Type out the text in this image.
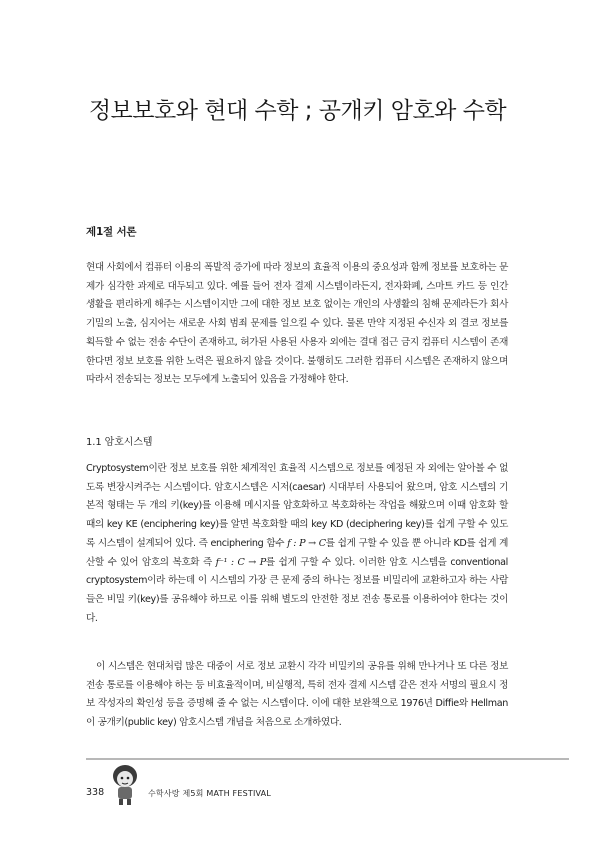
정보보호와 현대 수학 ; 공개키 암호와 수학
제1절 서론

현대 사회에서 컴퓨터 이용의 폭발적 증가에 따라 정보의 효율적 이용의 중요성과 함께 정보를 보호하는 문제가 심각한 과제로 대두되고 있다. 예를 들어 전자 결제 시스템이라든지, 전자화폐, 스마트 카드 등 인간 생활을 편리하게 해주는 시스템이지만 그에 대한 정보 보호 없이는 개인의 사생활의 침해 문제라든가 회사기밀의 노출, 심지어는 새로운 사회 범죄 문제를 일으킬 수 있다. 물론 만약 지정된 수신자 외 결코 정보를 획득할 수 없는 전송 수단이 존재하고, 허가된 사용된 사용자 외에는 결대 접근 금지 컴퓨터 시스템이 존재한다면 정보 보호를 위한 노력은 필요하지 않을 것이다. 불행히도 그러한 컴퓨터 시스템은 존재하지 않으며 따라서 전송되는 정보는 모두에게 노출되어 있음을 가정해야 한다.

1.1 암호시스템

Cryptosystem이란 정보 보호를 위한 체계적인 효율적 시스템으로 정보를 예정된 자 외에는 알아볼 수 없도록 변장시켜주는 시스템이다. 암호시스템은 시저(caesar) 시대부터 사용되어 왔으며, 암호 시스템의 기본적 형태는 두 개의 키(key)를 이용해 메시지를 암호화하고 복호화하는 작업을 해왔으며 이때 암호화 할 때의 key KE (enciphering key)를 알면 복호화할 때의 key KD (deciphering key)를 쉽게 구할 수 있도록 시스템이 설계되어 있다. 즉 enciphering 함수 f : P → C를 쉽게 구할 수 있을 뿐 아니라 KD를 쉽게 계산할 수 있어 암호의 복호화 즉 f⁻¹ : C → P를 쉽게 구할 수 있다. 이러한 암호 시스템을 conventional cryptosystem이라 하는데 이 시스템의 가장 큰 문제 중의 하나는 정보를 비밀리에 교환하고자 하는 사람들은 비밀 키(key)를 공유해야 하므로 이를 위해 별도의 안전한 정보 전송 통로를 이용하여야 한다는 것이다.

이 시스템은 현대처럼 많은 대중이 서로 정보 교환시 각각 비밀키의 공유를 위해 만나거나 또 다른 정보 전송 통로를 이용해야 하는 등 비효율적이며, 비실행적, 특히 전자 결제 시스템 같은 전자 서명의 필요시 정보 작성자의 확인성 등을 증명해 줄 수 없는 시스템이다. 이에 대한 보완책으로 1976년 Diffie와 Hellman이 공개키(public key) 암호시스템 개념을 처음으로 소개하였다.

338	수학사랑 제5회 MATH FESTIVAL
